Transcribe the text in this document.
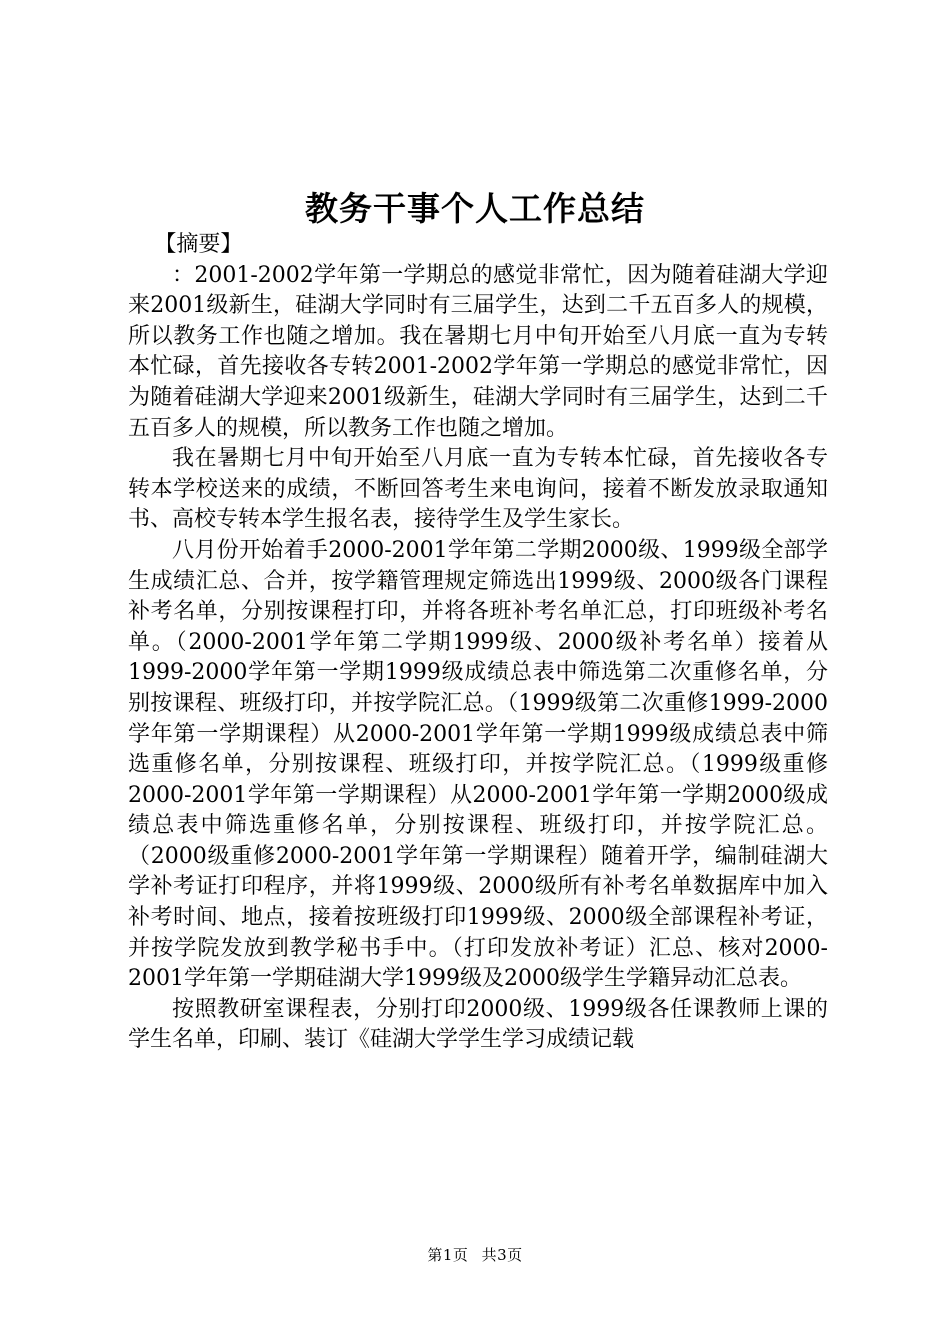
教务干事个人工作总结

【摘要】

：2001-2002学年第一学期总的感觉非常忙，因为随着硅湖大学迎来2001级新生，硅湖大学同时有三届学生，达到二千五百多人的规模，所以教务工作也随之增加。我在暑期七月中旬开始至八月底一直为专转本忙碌，首先接收各专转2001-2002学年第一学期总的感觉非常忙，因为随着硅湖大学迎来2001级新生，硅湖大学同时有三届学生，达到二千五百多人的规模，所以教务工作也随之增加。

我在暑期七月中旬开始至八月底一直为专转本忙碌，首先接收各专转本学校送来的成绩，不断回答考生来电询问，接着不断发放录取通知书、高校专转本学生报名表，接待学生及学生家长。

八月份开始着手2000-2001学年第二学期2000级、1999级全部学生成绩汇总、合并，按学籍管理规定筛选出1999级、2000级各门课程补考名单，分别按课程打印，并将各班补考名单汇总，打印班级补考名单。（2000-2001学年第二学期1999级、2000级补考名单）接着从1999-2000学年第一学期1999级成绩总表中筛选第二次重修名单，分别按课程、班级打印，并按学院汇总。（1999级第二次重修1999-2000学年第一学期课程）从2000-2001学年第一学期1999级成绩总表中筛选重修名单，分别按课程、班级打印，并按学院汇总。（1999级重修2000-2001学年第一学期课程）从2000-2001学年第一学期2000级成绩总表中筛选重修名单，分别按课程、班级打印，并按学院汇总。（2000级重修2000-2001学年第一学期课程）随着开学，编制硅湖大学补考证打印程序，并将1999级、2000级所有补考名单数据库中加入补考时间、地点，接着按班级打印1999级、2000级全部课程补考证，并按学院发放到教学秘书手中。（打印发放补考证）汇总、核对2000-2001学年第一学期硅湖大学1999级及2000级学生学籍异动汇总表。

按照教研室课程表，分别打印2000级、1999级各任课教师上课的学生名单，印刷、装订《硅湖大学学生学习成绩记载

第1页 共3页
